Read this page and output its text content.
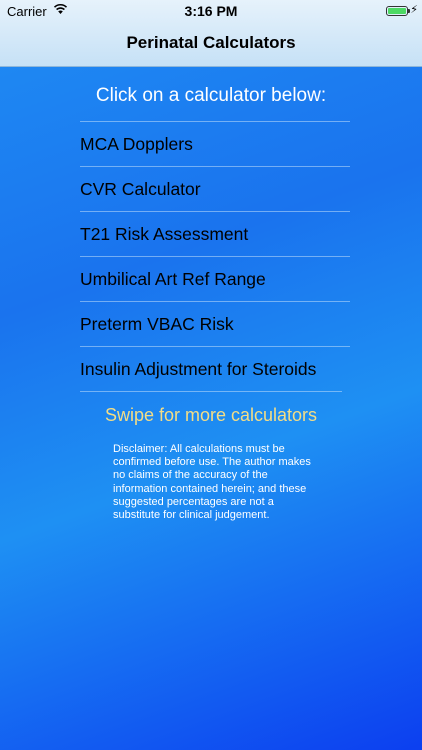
Carrier	3:16 PM	⚡
Perinatal Calculators
Click on a calculator below:
MCA Dopplers
CVR Calculator
T21 Risk Assessment
Umbilical Art Ref Range
Preterm VBAC Risk
Insulin Adjustment for Steroids
Swipe for more calculators
Disclaimer: All calculations must be confirmed before use. The author makes no claims of the accuracy of the information contained herein; and these suggested percentages are not a substitute for clinical judgement.
